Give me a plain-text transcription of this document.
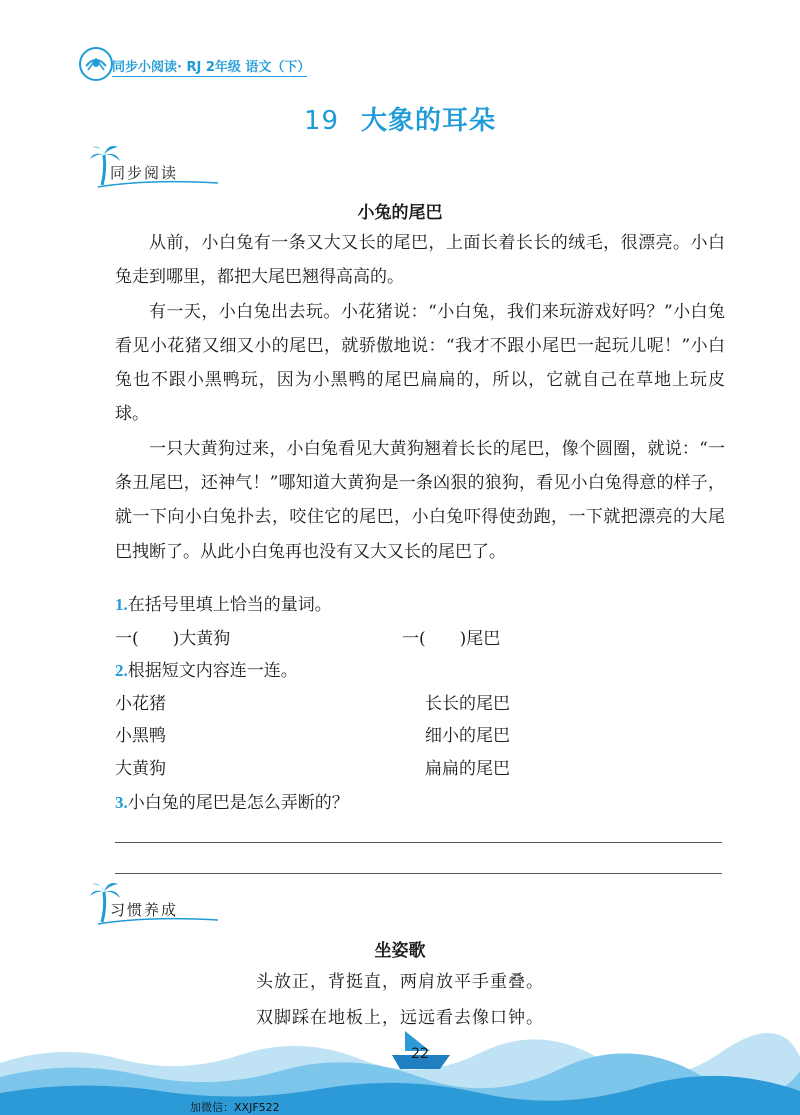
同步小阅读· RJ 2年级 语文（下）
19 大象的耳朵
同步阅读
小兔的尾巴

从前，小白兔有一条又大又长的尾巴，上面长着长长的绒毛，很漂亮。小白兔走到哪里，都把大尾巴翘得高高的。

有一天，小白兔出去玩。小花猪说：“小白兔，我们来玩游戏好吗？”小白兔看见小花猪又细又小的尾巴，就骄傲地说：“我才不跟小尾巴一起玩儿呢！”小白兔也不跟小黑鸭玩，因为小黑鸭的尾巴扁扁的，所以，它就自己在草地上玩皮球。

一只大黄狗过来，小白兔看见大黄狗翘着长长的尾巴，像个圆圈，就说：“一条丑尾巴，还神气！”哪知道大黄狗是一条凶狠的狼狗，看见小白兔得意的样子，就一下向小白兔扑去，咬住它的尾巴，小白兔吓得使劲跑，一下就把漂亮的大尾巴拽断了。从此小白兔再也没有又大又长的尾巴了。

1.在括号里填上恰当的量词。
一(　　)大黄狗	一(　　)尾巴
2.根据短文内容连一连。
小花猪
小黑鸭
大黄狗
长长的尾巴
细小的尾巴
扁扁的尾巴
3.小白兔的尾巴是怎么弄断的？
习惯养成
坐姿歌
头放正，背挺直，两肩放平手重叠。
双脚踩在地板上，远远看去像口钟。
22
加微信：XXJF522
